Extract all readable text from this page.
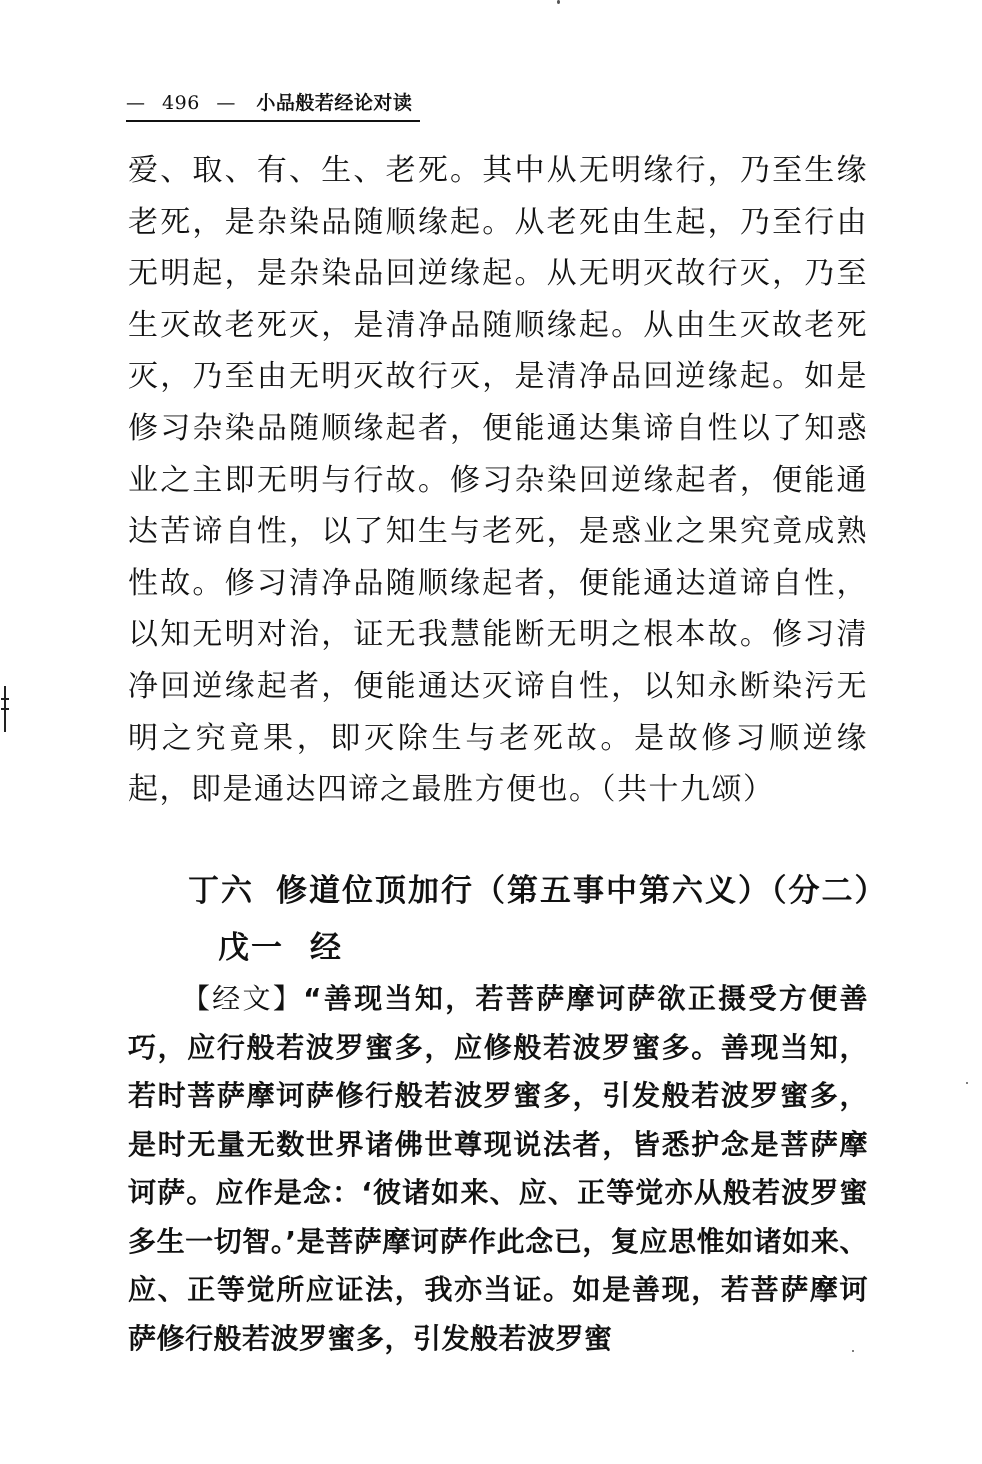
— 496 — 小品般若经论对读
爱、取、有、生、老死。其中从无明缘行，乃至生缘老死，是杂染品随顺缘起。从老死由生起，乃至行由无明起，是杂染品回逆缘起。从无明灭故行灭，乃至生灭故老死灭，是清净品随顺缘起。从由生灭故老死灭，乃至由无明灭故行灭，是清净品回逆缘起。如是修习杂染品随顺缘起者，便能通达集谛自性以了知惑业之主即无明与行故。修习杂染回逆缘起者，便能通达苦谛自性，以了知生与老死，是惑业之果究竟成熟性故。修习清净品随顺缘起者，便能通达道谛自性，以知无明对治，证无我慧能断无明之根本故。修习清净回逆缘起者，便能通达灭谛自性，以知永断染污无明之究竟果，即灭除生与老死故。是故修习顺逆缘起，即是通达四谛之最胜方便也。（共十九颂）
丁六 修道位顶加行（第五事中第六义）（分二）
戊一 经
【经文】“善现当知，若菩萨摩诃萨欲正摄受方便善巧，应行般若波罗蜜多，应修般若波罗蜜多。善现当知，若时菩萨摩诃萨修行般若波罗蜜多，引发般若波罗蜜多，是时无量无数世界诸佛世尊现说法者，皆悉护念是菩萨摩诃萨。应作是念：‘彼诸如来、应、正等觉亦从般若波罗蜜多生一切智。’是菩萨摩诃萨作此念已，复应思惟如诸如来、应、正等觉所应证法，我亦当证。如是善现，若菩萨摩诃萨修行般若波罗蜜多，引发般若波罗蜜
